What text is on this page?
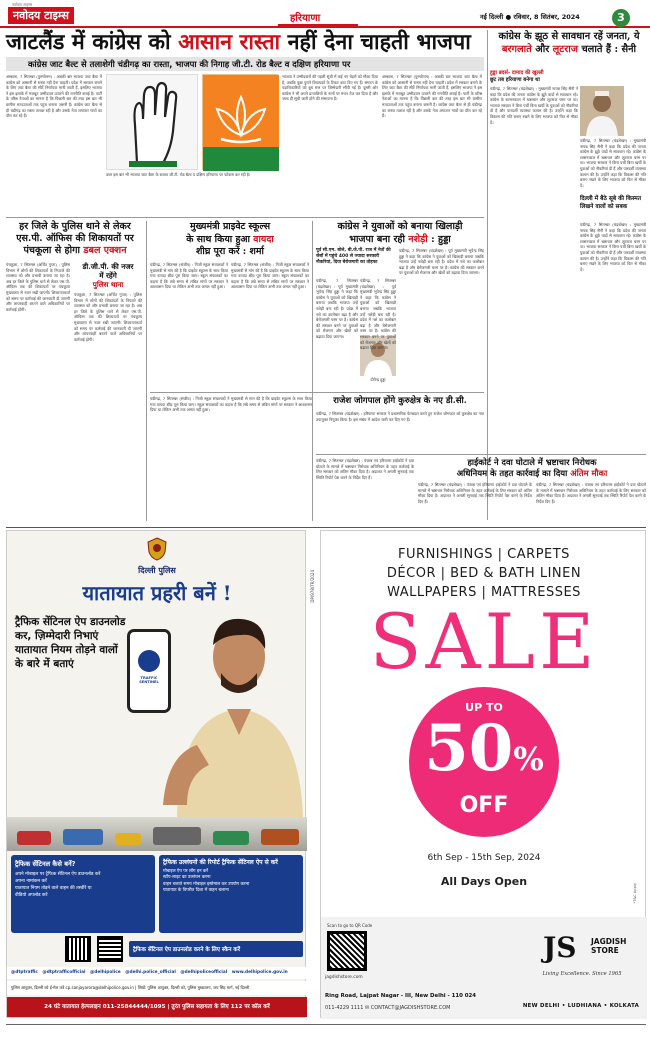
नवोदय टाइम्स
नवोदय टाइम्स	हरियाणा	नई दिल्ली ● रविवार, 8 सितंबर, 2024	3
जाटलैंड में कांग्रेस को आसान रास्ता नहीं देना चाहती भाजपा
कांग्रेस जाट बैल्ट से तलाशेगी चंडीगढ़ का रास्ता, भाजपा की निगाह जी.टी. रोड बैल्ट व दक्षिण हरियाणा पर
अम्बाला, 7 सितम्बर (पुरुषोत्तम) : अबकी बार भाजपा जाट बैल्ट में कांग्रेस को आसानी से रास्ता नहीं देना चाहती। प्रदेश में सरकार बनाने के लिए जाट बैल्ट की सीटें निर्णायक मानी जाती हैं, इसलिए भाजपा ने इस इलाके में मजबूत उम्मीदवार उतारने की रणनीति बनाई है। पार्टी के वरिष्ठ नेताओं का मानना है कि पिछली बार की तरह इस बार भी ग्रामीण मतदाताओं तक पहुंच बनाना जरूरी है। कांग्रेस जाट बैल्ट से ही चंडीगढ़ का रास्ता तलाश रही है और उसके नेता लगातार गांवों का दौरा कर रहे हैं।
उधर इस बार भी भाजपा जाट बैल्ट के बजाय जी.टी. रोड बैल्ट व दक्षिण हरियाणा पर फोकस कर रही है।
भाजपा ने उम्मीदवारों की पहली सूची में कई नए चेहरों को मौका दिया है, जबकि कुछ पुराने विधायकों के टिकट काट दिए गए हैं। संगठन के पदाधिकारियों को बूथ स्तर पर जिम्मेदारी सौंपी गई है। दूसरी ओर कांग्रेस ने भी अपने प्रत्याशियों के नामों पर मंथन तेज कर दिया है और जल्द ही सूची जारी होने की संभावना है।
अम्बाला, 7 सितम्बर (पुरुषोत्तम) : अबकी बार भाजपा जाट बैल्ट में कांग्रेस को आसानी से रास्ता नहीं देना चाहती। प्रदेश में सरकार बनाने के लिए जाट बैल्ट की सीटें निर्णायक मानी जाती हैं, इसलिए भाजपा ने इस इलाके में मजबूत उम्मीदवार उतारने की रणनीति बनाई है। पार्टी के वरिष्ठ नेताओं का मानना है कि पिछली बार की तरह इस बार भी ग्रामीण मतदाताओं तक पहुंच बनाना जरूरी है। कांग्रेस जाट बैल्ट से ही चंडीगढ़ का रास्ता तलाश रही है और उसके नेता लगातार गांवों का दौरा कर रहे हैं।
कांग्रेस के झूठ से सावधान रहें जनता, ये बरगलाते और लूटराज चलाते हैं : सैनी
हुड्डा ब्रदर्स- दामाद की खुल्ली
छूट तब हरियाणा बनेगा था
चंडीगढ़, 7 सितम्बर (चंद्रशेखर) : मुख्यमंत्री नायब सिंह सैनी ने कहा कि प्रदेश की जनता कांग्रेस के झूठे वादों से सावधान रहे। कांग्रेस के शासनकाल में भ्रष्टाचार और लूटराज चरम पर था। भाजपा सरकार ने बिना पर्ची बिना खर्ची के युवाओं को नौकरियां दी हैं और पारदर्शी व्यवस्था कायम की है। उन्होंने कहा कि विकास की गति बनाए रखने के लिए भाजपा को फिर से मौका दें।
चंडीगढ़, 7 सितम्बर (चंद्रशेखर) : मुख्यमंत्री नायब सिंह सैनी ने कहा कि प्रदेश की जनता कांग्रेस के झूठे वादों से सावधान रहे। कांग्रेस के शासनकाल में भ्रष्टाचार और लूटराज चरम पर था। भाजपा सरकार ने बिना पर्ची बिना खर्ची के युवाओं को नौकरियां दी हैं और पारदर्शी व्यवस्था कायम की है। उन्होंने कहा कि विकास की गति बनाए रखने के लिए भाजपा को फिर से मौका दें।
दिल्ली में बैठे सूबे की किस्मत लिखने वालों को सबक
चंडीगढ़, 7 सितम्बर (चंद्रशेखर) : मुख्यमंत्री नायब सिंह सैनी ने कहा कि प्रदेश की जनता कांग्रेस के झूठे वादों से सावधान रहे। कांग्रेस के शासनकाल में भ्रष्टाचार और लूटराज चरम पर था। भाजपा सरकार ने बिना पर्ची बिना खर्ची के युवाओं को नौकरियां दी हैं और पारदर्शी व्यवस्था कायम की है। उन्होंने कहा कि विकास की गति बनाए रखने के लिए भाजपा को फिर से मौका दें।
हर जिले के पुलिस थाने से लेकर
एस.पी. ऑफिस की शिकायतों पर
पंचकूला से होगा डबल एक्शन
पंचकूला, 7 सितम्बर (अर्चित गुप्ता) : पुलिस विभाग में लोगों की शिकायतों के निपटारे की व्यवस्था को और प्रभावी बनाया जा रहा है। अब हर जिले के पुलिस थाने से लेकर एस.पी. ऑफिस तक की शिकायतों पर पंचकूला मुख्यालय से नजर रखी जाएगी। शिकायतकर्ता को समय पर कार्रवाई की जानकारी दी जाएगी और लापरवाही बरतने वाले अधिकारियों पर कार्रवाई होगी।
डी.जी.पी. की नजर
में रहेंगे
पुलिस थाना
पंचकूला, 7 सितम्बर (अर्चित गुप्ता) : पुलिस विभाग में लोगों की शिकायतों के निपटारे की व्यवस्था को और प्रभावी बनाया जा रहा है। अब हर जिले के पुलिस थाने से लेकर एस.पी. ऑफिस तक की शिकायतों पर पंचकूला मुख्यालय से नजर रखी जाएगी। शिकायतकर्ता को समय पर कार्रवाई की जानकारी दी जाएगी और लापरवाही बरतने वाले अधिकारियों पर कार्रवाई होगी।
मुख्यमंत्री प्राइवेट स्कूल्स
के साथ किया हुआ वायदा
शीघ्र पूरा करें : शर्मा
चंडीगढ़, 7 सितम्बर (संजीव) : निजी स्कूल संचालकों ने मुख्यमंत्री से मांग की है कि प्राइवेट स्कूल्स के साथ किया गया वायदा शीघ्र पूरा किया जाए। स्कूल संचालकों का कहना है कि लंबे समय से लंबित मांगों पर सरकार ने आश्वासन दिया था लेकिन अभी तक अमल नहीं हुआ।
चंडीगढ़, 7 सितम्बर (संजीव) : निजी स्कूल संचालकों ने मुख्यमंत्री से मांग की है कि प्राइवेट स्कूल्स के साथ किया गया वायदा शीघ्र पूरा किया जाए। स्कूल संचालकों का कहना है कि लंबे समय से लंबित मांगों पर सरकार ने आश्वासन दिया था लेकिन अभी तक अमल नहीं हुआ।
कांग्रेस ने युवाओं को बनाया खिलाड़ी
भाजपा बना रही नशेड़ी : हुड्डा
पूर्व सी.एम. बोले, बी.जे.पी. राज में नेतों की जेबों में पहुंचे 400 से ज्यादा सरकारी नौकरियां, दिया बेरोजगारी का तोहफा
चंडीगढ़, 7 सितम्बर (चंद्रशेखर) : पूर्व मुख्यमंत्री भूपेन्द्र सिंह हुड्डा ने कहा कि कांग्रेस ने युवाओं को खिलाड़ी बनाया जबकि भाजपा उन्हें नशेड़ी बना रही है। प्रदेश में नशे का कारोबार बढ़ा है और बेरोजगारी चरम पर है। कांग्रेस की सरकार बनने पर युवाओं को रोजगार और खेलों को बढ़ावा दिया जाएगा।
दीपेन्द्र हुड्डा
चंडीगढ़, 7 सितम्बर (चंद्रशेखर) : पूर्व मुख्यमंत्री भूपेन्द्र सिंह हुड्डा ने कहा कि कांग्रेस ने युवाओं को खिलाड़ी बनाया जबकि भाजपा उन्हें नशेड़ी बना रही है। प्रदेश में नशे का कारोबार बढ़ा है और बेरोजगारी चरम पर है। कांग्रेस की सरकार बनने पर युवाओं को रोजगार और खेलों को बढ़ावा दिया जाएगा।
चंडीगढ़, 7 सितम्बर (चंद्रशेखर) : पूर्व मुख्यमंत्री भूपेन्द्र सिंह हुड्डा ने कहा कि कांग्रेस ने युवाओं को खिलाड़ी बनाया जबकि भाजपा उन्हें नशेड़ी बना रही है। प्रदेश में नशे का कारोबार बढ़ा है और बेरोजगारी चरम पर है। कांग्रेस की सरकार बनने पर युवाओं को रोजगार और खेलों को बढ़ावा दिया जाएगा।
राजेश जोगपाल होंगे कुरुक्षेत्र के नए डी.सी.
चंडीगढ़, 7 सितम्बर (चंद्रशेखर) : हरियाणा सरकार ने प्रशासनिक फेरबदल करते हुए राजेश जोगपाल को कुरुक्षेत्र का नया उपायुक्त नियुक्त किया है। इस संबंध में आदेश जारी कर दिए गए हैं।
चंडीगढ़, 7 सितम्बर (संजीव) : निजी स्कूल संचालकों ने मुख्यमंत्री से मांग की है कि प्राइवेट स्कूल्स के साथ किया गया वायदा शीघ्र पूरा किया जाए। स्कूल संचालकों का कहना है कि लंबे समय से लंबित मांगों पर सरकार ने आश्वासन दिया था लेकिन अभी तक अमल नहीं हुआ।
हाईकोर्ट ने दवा घोटाले में भ्रष्टाचार निरोधक
अधिनियम के तहत कार्रवाई का दिया अंतिम मौका
चंडीगढ़, 7 सितम्बर (चंद्रशेखर) : पंजाब एवं हरियाणा हाईकोर्ट ने दवा घोटाले के मामले में भ्रष्टाचार निरोधक अधिनियम के तहत कार्रवाई के लिए सरकार को अंतिम मौका दिया है। अदालत ने अगली सुनवाई तक स्थिति रिपोर्ट पेश करने के निर्देश दिए हैं।
चंडीगढ़, 7 सितम्बर (चंद्रशेखर) : पंजाब एवं हरियाणा हाईकोर्ट ने दवा घोटाले के मामले में भ्रष्टाचार निरोधक अधिनियम के तहत कार्रवाई के लिए सरकार को अंतिम मौका दिया है। अदालत ने अगली सुनवाई तक स्थिति रिपोर्ट पेश करने के निर्देश दिए हैं।
चंडीगढ़, 7 सितम्बर (चंद्रशेखर) : पंजाब एवं हरियाणा हाईकोर्ट ने दवा घोटाले के मामले में भ्रष्टाचार निरोधक अधिनियम के तहत कार्रवाई के लिए सरकार को अंतिम मौका दिया है। अदालत ने अगली सुनवाई तक स्थिति रिपोर्ट पेश करने के निर्देश दिए हैं।
दिल्ली पुलिस
यातायात प्रहरी बनें !
ट्रैफिक सेंटिनल ऐप डाउनलोड कर, ज़िम्मेदारी निभाएं यातायात नियम तोड़ने वालों के बारे में बताएं
TRAFFIC SENTINEL
ट्रैफिक सेंटिनल कैसे बनें?
अपने मोबाइल पर ट्रैफिक सेंटिनल ऐप डाउनलोड करें
अपना नामांकन करें
यातायात नियम तोड़ने वाले वाहन की तस्वीरें या
वीडियो अपलोड करें
ट्रैफिक उल्लंघनों की रिपोर्ट ट्रैफिक सेंटिनल ऐप से करें
मोबाइल ऐप पर लॉग इन करें
स्टॉप-लाइट का उल्लंघन करना
वाहन चलाते समय मोबाइल इस्तेमाल कर उपयोग करना
यातायात के विपरीत दिशा में वाहन चलाना
ट्रैफिक सेंटिनल ऐप डाउनलोड करने के लिए स्कैन करें
@dtptraffic @dtptrafficofficial @delhipolice @delhi.police_official @delhipoliceofficial www.delhipolice.gov.in
पुलिस आयुक्त, दिल्ली को ई-मेल करें cp.sanjayarora@delhipolice.gov.in | लिखें: पुलिस आयुक्त, दिल्ली को, पुलिस मुख्यालय, जय सिंह मार्ग, नई दिल्ली
24 घंटे यातायात हेल्पलाइन 011-25844444/1095 | तुरंत पुलिस सहायता के लिए 112 पर कॉल करें
DP/978/TR/2024
FURNISHINGS | CARPETS
DÉCOR | BED & BATH LINEN
WALLPAPERS | MATTRESSES
SALE
UP TO
50%
OFF
6th Sep - 15th Sep, 2024
All Days Open
*T&C Apply
Scan to go to QR Code
jagdishstore.com
Ring Road, Lajpat Nagar - III, New Delhi - 110 024
011-4229 1111 ✉ CONTACT@JAGDISHSTORE.COM
JS JAGDISH
STORE
Living Excellence. Since 1965
NEW DELHI • LUDHIANA • KOLKATA
